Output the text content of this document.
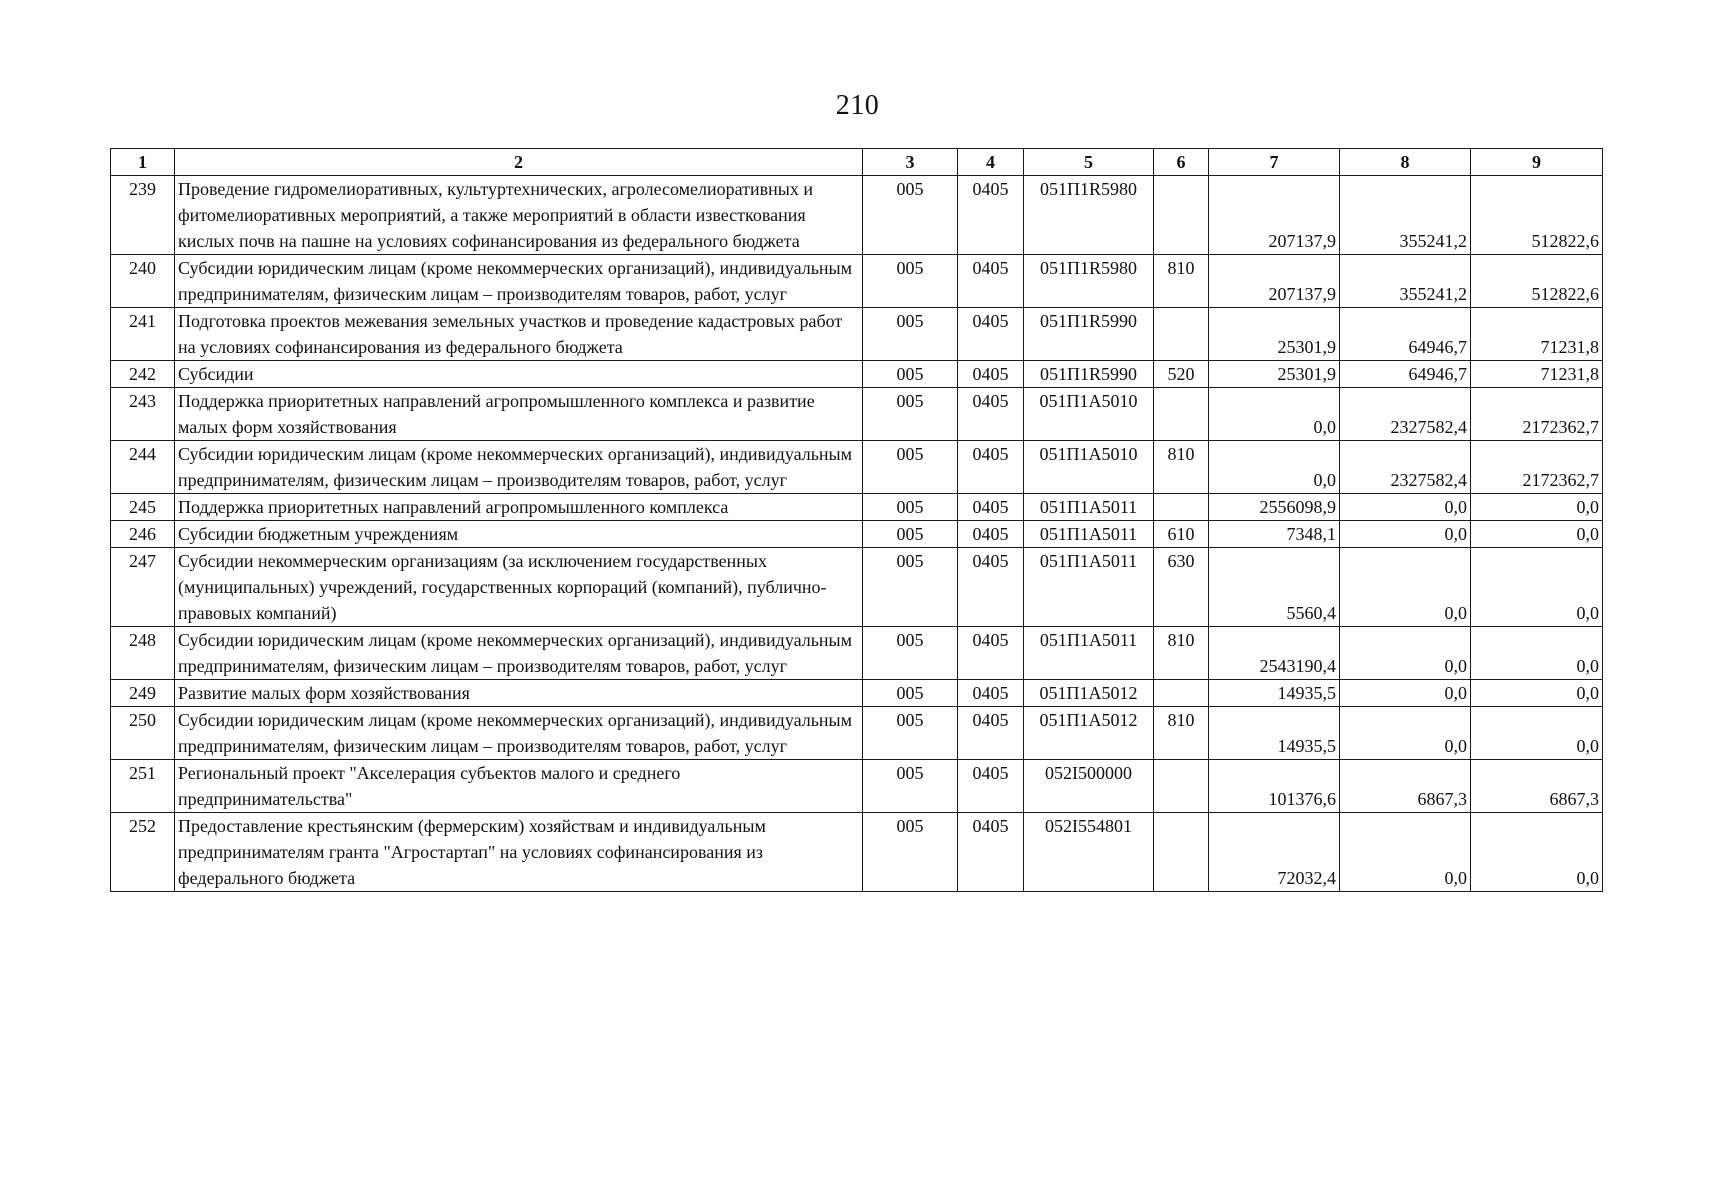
210
1	2	3	4	5	6	7	8	9
239	Проведение гидромелиоративных, культуртехнических, агролесомелиоративных и фитомелиоративных мероприятий, а также мероприятий в области известкования кислых почв на пашне на условиях софинансирования из федерального бюджета	005	0405	051П1R5980		207137,9	355241,2	512822,6
240	Субсидии юридическим лицам (кроме некоммерческих организаций), индивидуальным предпринимателям, физическим лицам – производителям товаров, работ, услуг	005	0405	051П1R5980	810	207137,9	355241,2	512822,6
241	Подготовка проектов межевания земельных участков и проведение кадастровых работ на условиях софинансирования из федерального бюджета	005	0405	051П1R5990		25301,9	64946,7	71231,8
242	Субсидии	005	0405	051П1R5990	520	25301,9	64946,7	71231,8
243	Поддержка приоритетных направлений агропромышленного комплекса и развитие малых форм хозяйствования	005	0405	051П1А5010		0,0	2327582,4	2172362,7
244	Субсидии юридическим лицам (кроме некоммерческих организаций), индивидуальным предпринимателям, физическим лицам – производителям товаров, работ, услуг	005	0405	051П1А5010	810	0,0	2327582,4	2172362,7
245	Поддержка приоритетных направлений агропромышленного комплекса	005	0405	051П1А5011		2556098,9	0,0	0,0
246	Субсидии бюджетным учреждениям	005	0405	051П1А5011	610	7348,1	0,0	0,0
247	Субсидии некоммерческим организациям (за исключением государственных (муниципальных) учреждений, государственных корпораций (компаний), публично-правовых компаний)	005	0405	051П1А5011	630	5560,4	0,0	0,0
248	Субсидии юридическим лицам (кроме некоммерческих организаций), индивидуальным предпринимателям, физическим лицам – производителям товаров, работ, услуг	005	0405	051П1А5011	810	2543190,4	0,0	0,0
249	Развитие малых форм хозяйствования	005	0405	051П1А5012		14935,5	0,0	0,0
250	Субсидии юридическим лицам (кроме некоммерческих организаций), индивидуальным предпринимателям, физическим лицам – производителям товаров, работ, услуг	005	0405	051П1А5012	810	14935,5	0,0	0,0
251	Региональный проект "Акселерация субъектов малого и среднего предпринимательства"	005	0405	052I500000		101376,6	6867,3	6867,3
252	Предоставление крестьянским (фермерским) хозяйствам и индивидуальным предпринимателям гранта "Агростартап" на условиях софинансирования из федерального бюджета	005	0405	052I554801		72032,4	0,0	0,0
